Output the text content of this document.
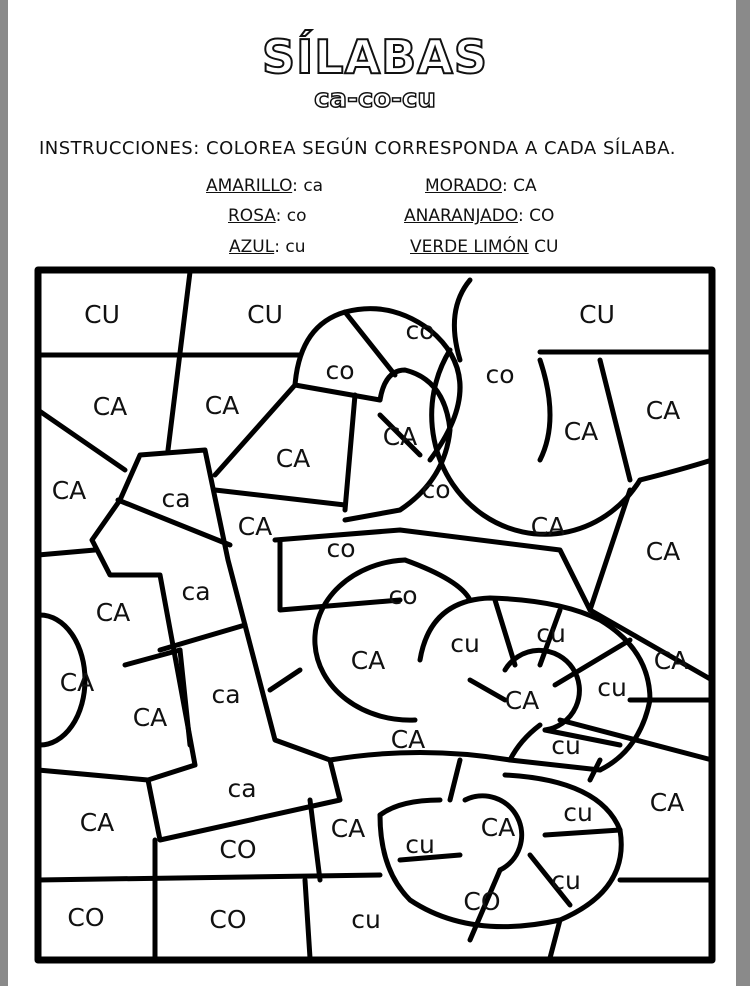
SÍLABAS
ca-co-cu
INSTRUCCIONES: COLOREA SEGÚN CORRESPONDA A CADA SÍLABA.
AMARILLO: ca	MORADO: CA
ROSA: co	ANARANJADO: CO
AZUL: cu	VERDE LIMÓN CU
CU	CU	CU
co
co	co
CA	CA	CA
CA	CA
CA
co
CA	ca
CA
co
CA
CA
ca	co
CA
CA
cu cu
CA
CA
CA
ca	cu
CA
cu
CA
CA
ca
CA	cu
CA	CA
cu
cu
CO
CO	CO	cu
CO
